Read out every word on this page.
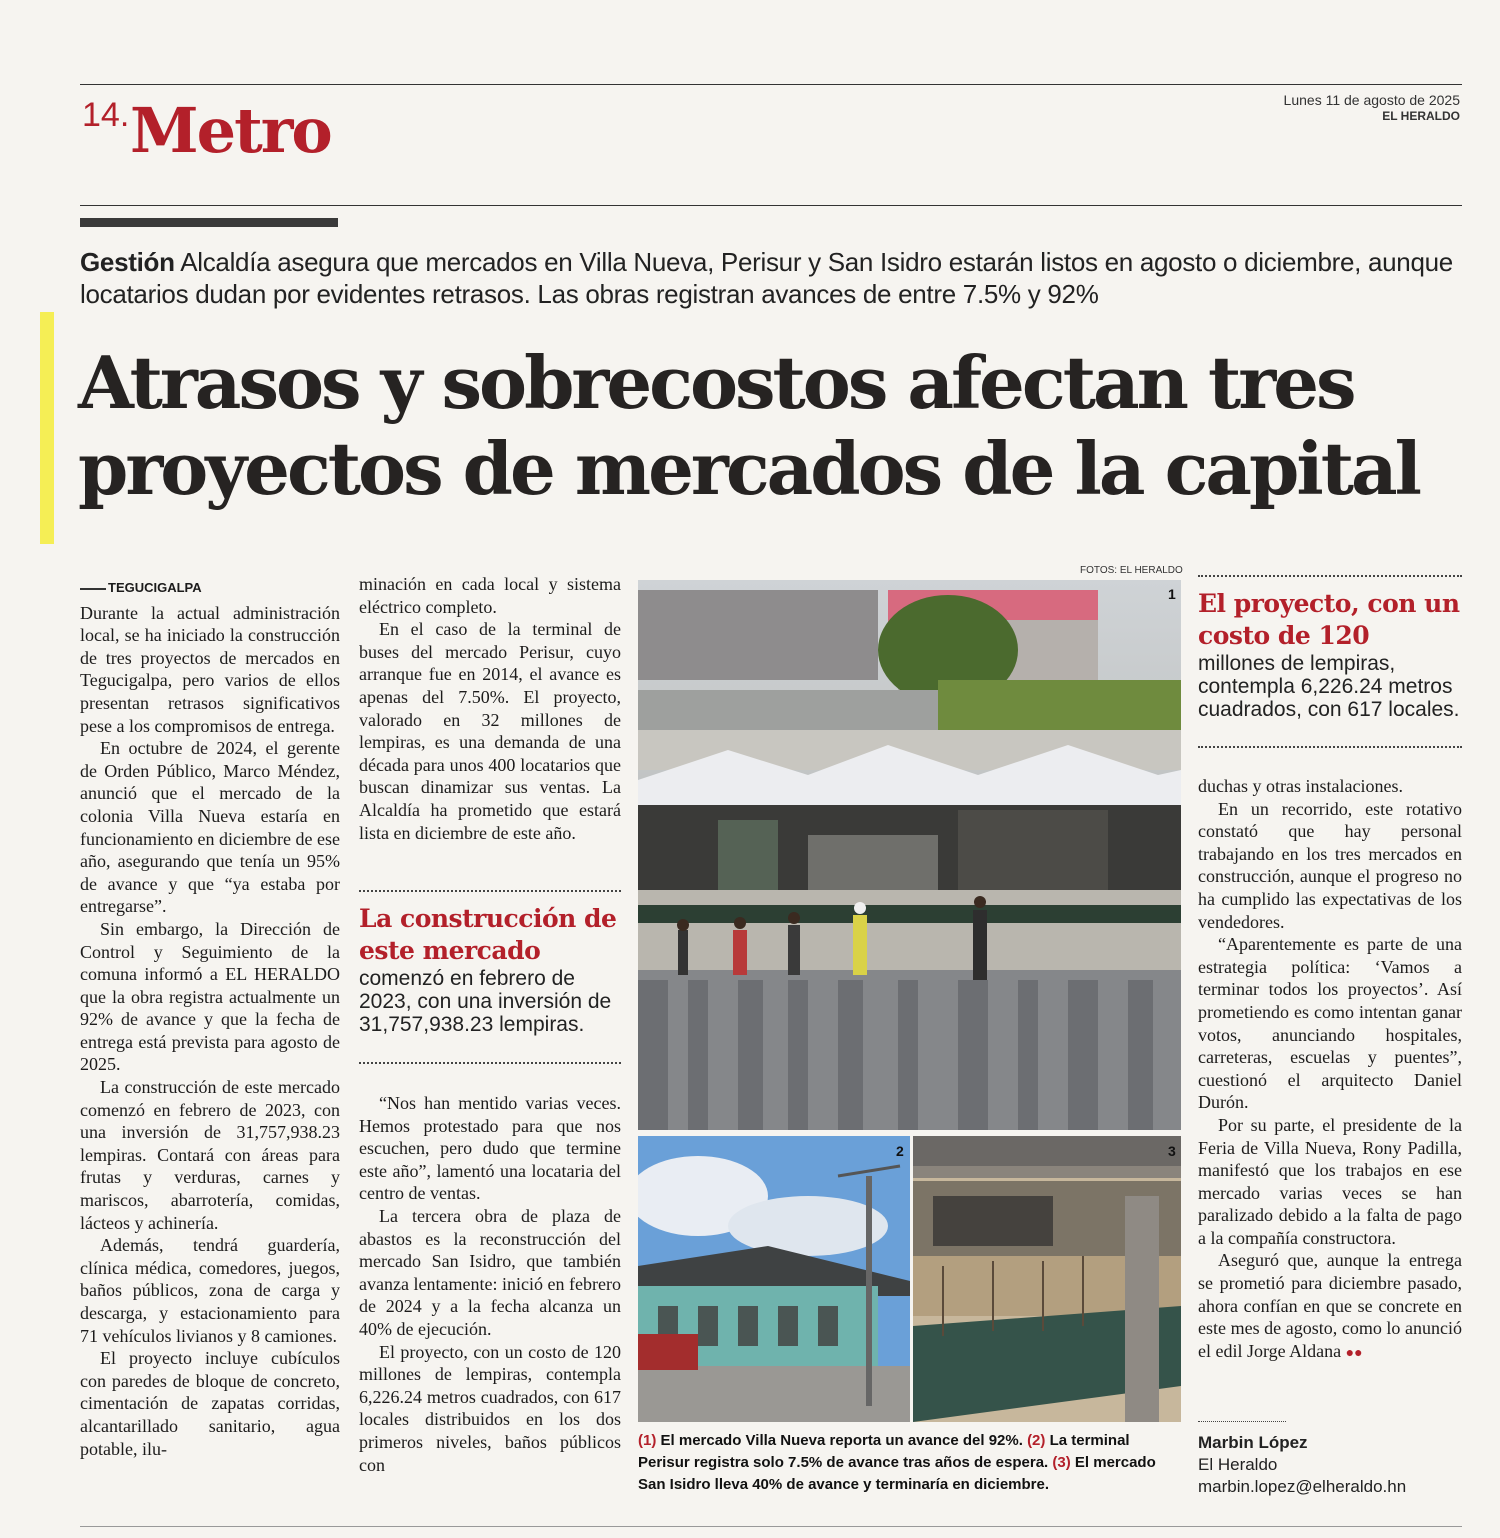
14. Metro	Lunes 11 de agosto de 2025
EL HERALDO
Gestión Alcaldía asegura que mercados en Villa Nueva, Perisur y San Isidro estarán listos en agosto o diciembre, aunque locatarios dudan por evidentes retrasos. Las obras registran avances de entre 7.5% y 92%
Atrasos y sobrecostos afectan tres
proyectos de mercados de la capital
TEGUCIGALPA

Durante la actual administración local, se ha iniciado la construcción de tres proyectos de mercados en Tegucigalpa, pero varios de ellos presentan retrasos significativos pese a los compromisos de entrega.

En octubre de 2024, el gerente de Orden Público, Marco Méndez, anunció que el mercado de la colonia Villa Nueva estaría en funcionamiento en diciembre de ese año, asegurando que tenía un 95% de avance y que “ya estaba por entregarse”.

Sin embargo, la Dirección de Control y Seguimiento de la comuna informó a EL HERALDO que la obra registra actualmente un 92% de avance y que la fecha de entrega está prevista para agosto de 2025.

La construcción de este mercado comenzó en febrero de 2023, con una inversión de 31,757,938.23 lempiras. Contará con áreas para frutas y verduras, carnes y mariscos, abarrotería, comidas, lácteos y achinería.

Además, tendrá guardería, clínica médica, comedores, juegos, baños públicos, zona de carga y descarga, y estacionamiento para 71 vehículos livianos y 8 camiones.

El proyecto incluye cubículos con paredes de bloque de concreto, cimentación de zapatas corridas, alcantarillado sanitario, agua potable, ilu-

minación en cada local y sistema eléctrico completo.

En el caso de la terminal de buses del mercado Perisur, cuyo arranque fue en 2014, el avance es apenas del 7.50%. El proyecto, valorado en 32 millones de lempiras, es una demanda de una década para unos 400 locatarios que buscan dinamizar sus ventas. La Alcaldía ha prometido que estará lista en diciembre de este año.

La construcción de este mercado
comenzó en febrero de 2023, con una inversión de 31,757,938.23 lempiras.

“Nos han mentido varias veces. Hemos protestado para que nos escuchen, pero dudo que termine este año”, lamentó una locataria del centro de ventas.

La tercera obra de plaza de abastos es la reconstrucción del mercado San Isidro, que también avanza lentamente: inició en febrero de 2024 y a la fecha alcanza un 40% de ejecución.

El proyecto, con un costo de 120 millones de lempiras, contempla 6,226.24 metros cuadrados, con 617 locales distribuidos en los dos primeros niveles, baños públicos con

FOTOS: EL HERALDO
1
2	3
(1) El mercado Villa Nueva reporta un avance del 92%. (2) La terminal Perisur registra solo 7.5% de avance tras años de espera. (3) El mercado San Isidro lleva 40% de avance y terminaría en diciembre.
El proyecto, con un costo de 120
millones de lempiras, contempla 6,226.24 metros cuadrados, con 617 locales.

duchas y otras instalaciones.

En un recorrido, este rotativo constató que hay personal trabajando en los tres mercados en construcción, aunque el progreso no ha cumplido las expectativas de los vendedores.

“Aparentemente es parte de una estrategia política: ‘Vamos a terminar todos los proyectos’. Así prometiendo es como intentan ganar votos, anunciando hospitales, carreteras, escuelas y puentes”, cuestionó el arquitecto Daniel Durón.

Por su parte, el presidente de la Feria de Villa Nueva, Rony Padilla, manifestó que los trabajos en ese mercado varias veces se han paralizado debido a la falta de pago a la compañía constructora.

Aseguró que, aunque la entrega se prometió para diciembre pasado, ahora confían en que se concrete en este mes de agosto, como lo anunció el edil Jorge Aldana ●●

Marbin López
El Heraldo
marbin.lopez@elheraldo.hn
